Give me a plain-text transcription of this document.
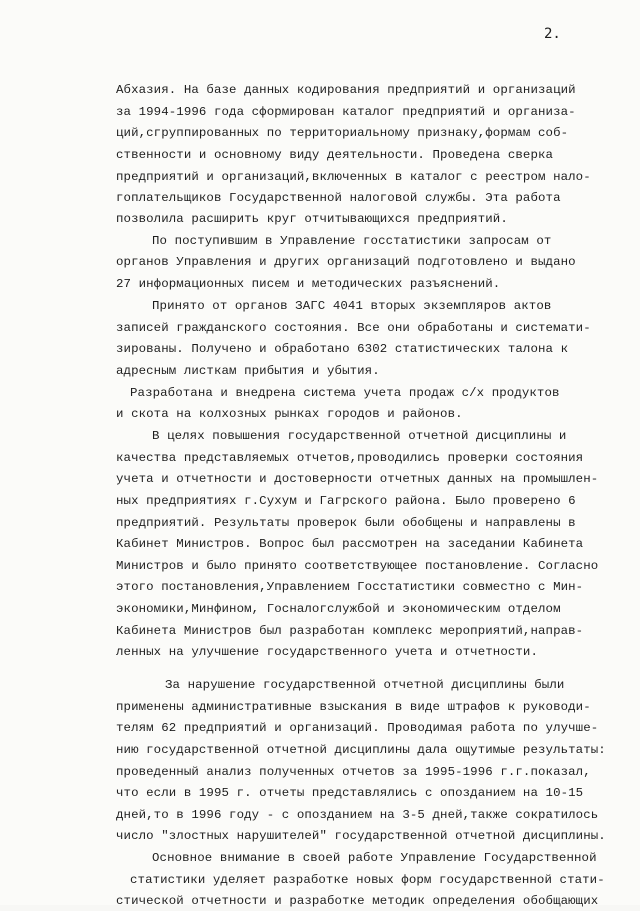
2.
Абхазия. На базе данных кодирования предприятий и организаций
за 1994-1996 года сформирован каталог предприятий и организа-
ций,сгруппированных по территориальному признаку,формам соб-
ственности и основному виду деятельности. Проведена сверка
предприятий и организаций,включенных в каталог с реестром нало-
гоплательщиков Государственной налоговой службы. Эта работа
позволила расширить круг отчитывающихся предприятий.
По поступившим в Управление госстатистики запросам от
органов Управления и других организаций подготовлено и выдано
27 информационных писем и методических разъяснений.
Принято от органов ЗАГС 4041 вторых экземпляров актов
записей гражданского состояния. Все они обработаны и системати-
зированы. Получено и обработано 6302 статистических талона к
адресным листкам прибытия и убытия.
Разработана и внедрена система учета продаж с/х продуктов
и скота на колхозных рынках городов и районов.
В целях повышения государственной отчетной дисциплины и
качества представляемых отчетов,проводились проверки состояния
учета и отчетности и достоверности отчетных данных на промышлен-
ных предприятиях г.Сухум и Гагрского района. Было проверено 6
предприятий. Результаты проверок были обобщены и направлены в
Кабинет Министров. Вопрос был рассмотрен на заседании Кабинета
Министров и было принято соответствующее постановление. Согласно
этого постановления,Управлением Госстатистики совместно с Мин-
экономики,Минфином, Госналогслужбой и экономическим отделом
Кабинета Министров был разработан комплекс мероприятий,направ-
ленных на улучшение государственного учета и отчетности.
За нарушение государственной отчетной дисциплины были
применены административные взыскания в виде штрафов к руководи-
телям 62 предприятий и организаций. Проводимая работа по улучше-
нию государственной отчетной дисциплины дала ощутимые результаты:
проведенный анализ полученных отчетов за 1995-1996 г.г.показал,
что если в 1995 г. отчеты представлялись с опозданием на 10-15
дней,то в 1996 году - с опозданием на 3-5 дней,также сократилось
число "злостных нарушителей" государственной отчетной дисциплины.
Основное внимание в своей работе Управление Государственной
статистики уделяет разработке новых форм государственной стати-
стической отчетности и разработке методик определения обобщающих
